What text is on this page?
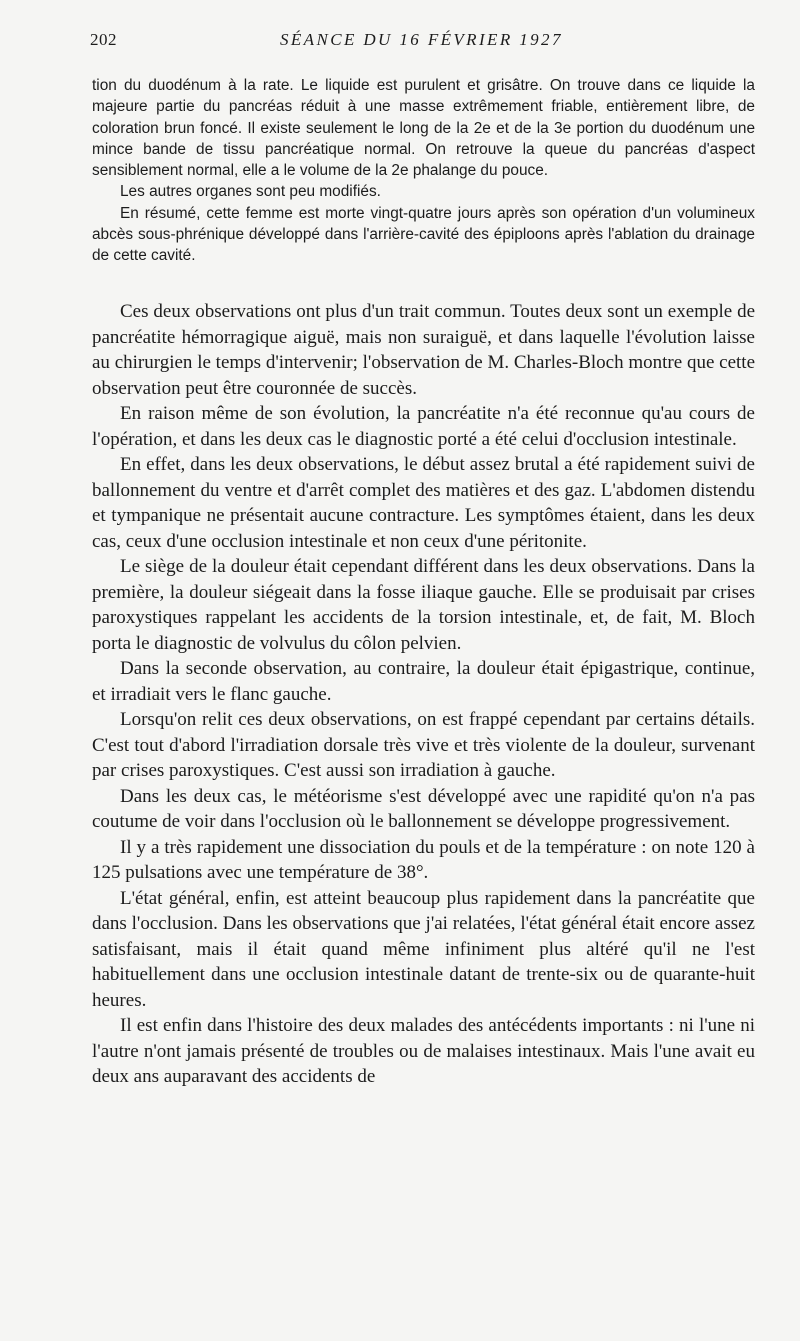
202	SÉANCE DU 16 FÉVRIER 1927

tion du duodénum à la rate. Le liquide est purulent et grisâtre. On trouve dans ce liquide la majeure partie du pancréas réduit à une masse extrêmement friable, entièrement libre, de coloration brun foncé. Il existe seulement le long de la 2e et de la 3e portion du duodénum une mince bande de tissu pancréatique normal. On retrouve la queue du pancréas d'aspect sensiblement normal, elle a le volume de la 2e phalange du pouce.

Les autres organes sont peu modifiés.

En résumé, cette femme est morte vingt-quatre jours après son opération d'un volumineux abcès sous-phrénique développé dans l'arrière-cavité des épiploons après l'ablation du drainage de cette cavité.

Ces deux observations ont plus d'un trait commun. Toutes deux sont un exemple de pancréatite hémorragique aiguë, mais non suraiguë, et dans laquelle l'évolution laisse au chirurgien le temps d'intervenir; l'observation de M. Charles-Bloch montre que cette observation peut être couronnée de succès.

En raison même de son évolution, la pancréatite n'a été reconnue qu'au cours de l'opération, et dans les deux cas le diagnostic porté a été celui d'occlusion intestinale.

En effet, dans les deux observations, le début assez brutal a été rapidement suivi de ballonnement du ventre et d'arrêt complet des matières et des gaz. L'abdomen distendu et tympanique ne présentait aucune contracture. Les symptômes étaient, dans les deux cas, ceux d'une occlusion intestinale et non ceux d'une péritonite.

Le siège de la douleur était cependant différent dans les deux observations. Dans la première, la douleur siégeait dans la fosse iliaque gauche. Elle se produisait par crises paroxystiques rappelant les accidents de la torsion intestinale, et, de fait, M. Bloch porta le diagnostic de volvulus du côlon pelvien.

Dans la seconde observation, au contraire, la douleur était épigastrique, continue, et irradiait vers le flanc gauche.

Lorsqu'on relit ces deux observations, on est frappé cependant par certains détails. C'est tout d'abord l'irradiation dorsale très vive et très violente de la douleur, survenant par crises paroxystiques. C'est aussi son irradiation à gauche.

Dans les deux cas, le météorisme s'est développé avec une rapidité qu'on n'a pas coutume de voir dans l'occlusion où le ballonnement se développe progressivement.

Il y a très rapidement une dissociation du pouls et de la température : on note 120 à 125 pulsations avec une température de 38°.

L'état général, enfin, est atteint beaucoup plus rapidement dans la pancréatite que dans l'occlusion. Dans les observations que j'ai relatées, l'état général était encore assez satisfaisant, mais il était quand même infiniment plus altéré qu'il ne l'est habituellement dans une occlusion intestinale datant de trente-six ou de quarante-huit heures.

Il est enfin dans l'histoire des deux malades des antécédents importants : ni l'une ni l'autre n'ont jamais présenté de troubles ou de malaises intestinaux. Mais l'une avait eu deux ans auparavant des accidents de
